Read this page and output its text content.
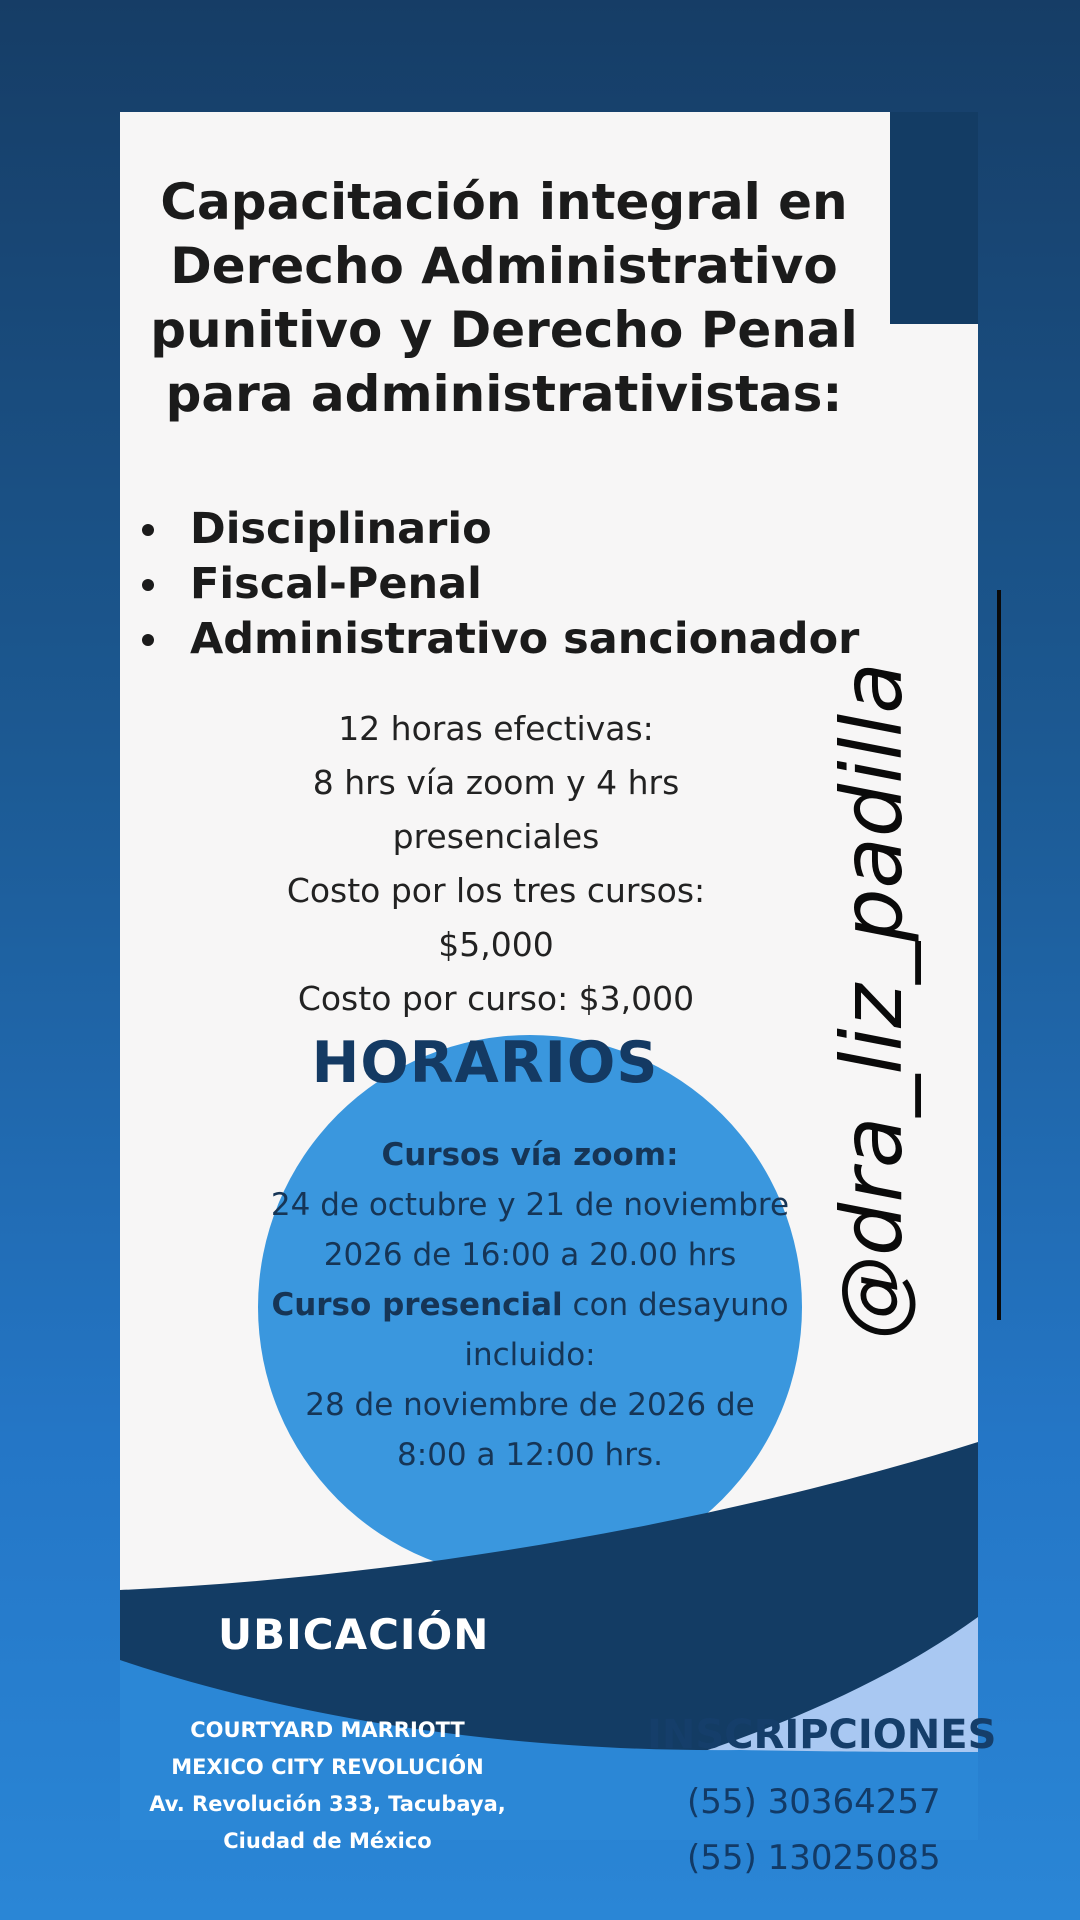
Capacitación integral en
Derecho Administrativo
punitivo y Derecho Penal
para administrativistas:
Disciplinario
Fiscal-Penal
Administrativo sancionador
12 horas efectivas:
8 hrs vía zoom y 4 hrs
presenciales
Costo por los tres cursos:
$5,000
Costo por curso: $3,000
HORARIOS
Cursos vía zoom:
24 de octubre y 21 de noviembre
2026 de 16:00 a 20.00 hrs
Curso presencial con desayuno
incluido:
28 de noviembre de 2026 de
8:00 a 12:00 hrs.
UBICACIÓN
COURTYARD MARRIOTT
MEXICO CITY REVOLUCIÓN
Av. Revolución 333, Tacubaya,
Ciudad de México
INSCRIPCIONES
(55) 30364257
(55) 13025085
@dra_liz_padilla
